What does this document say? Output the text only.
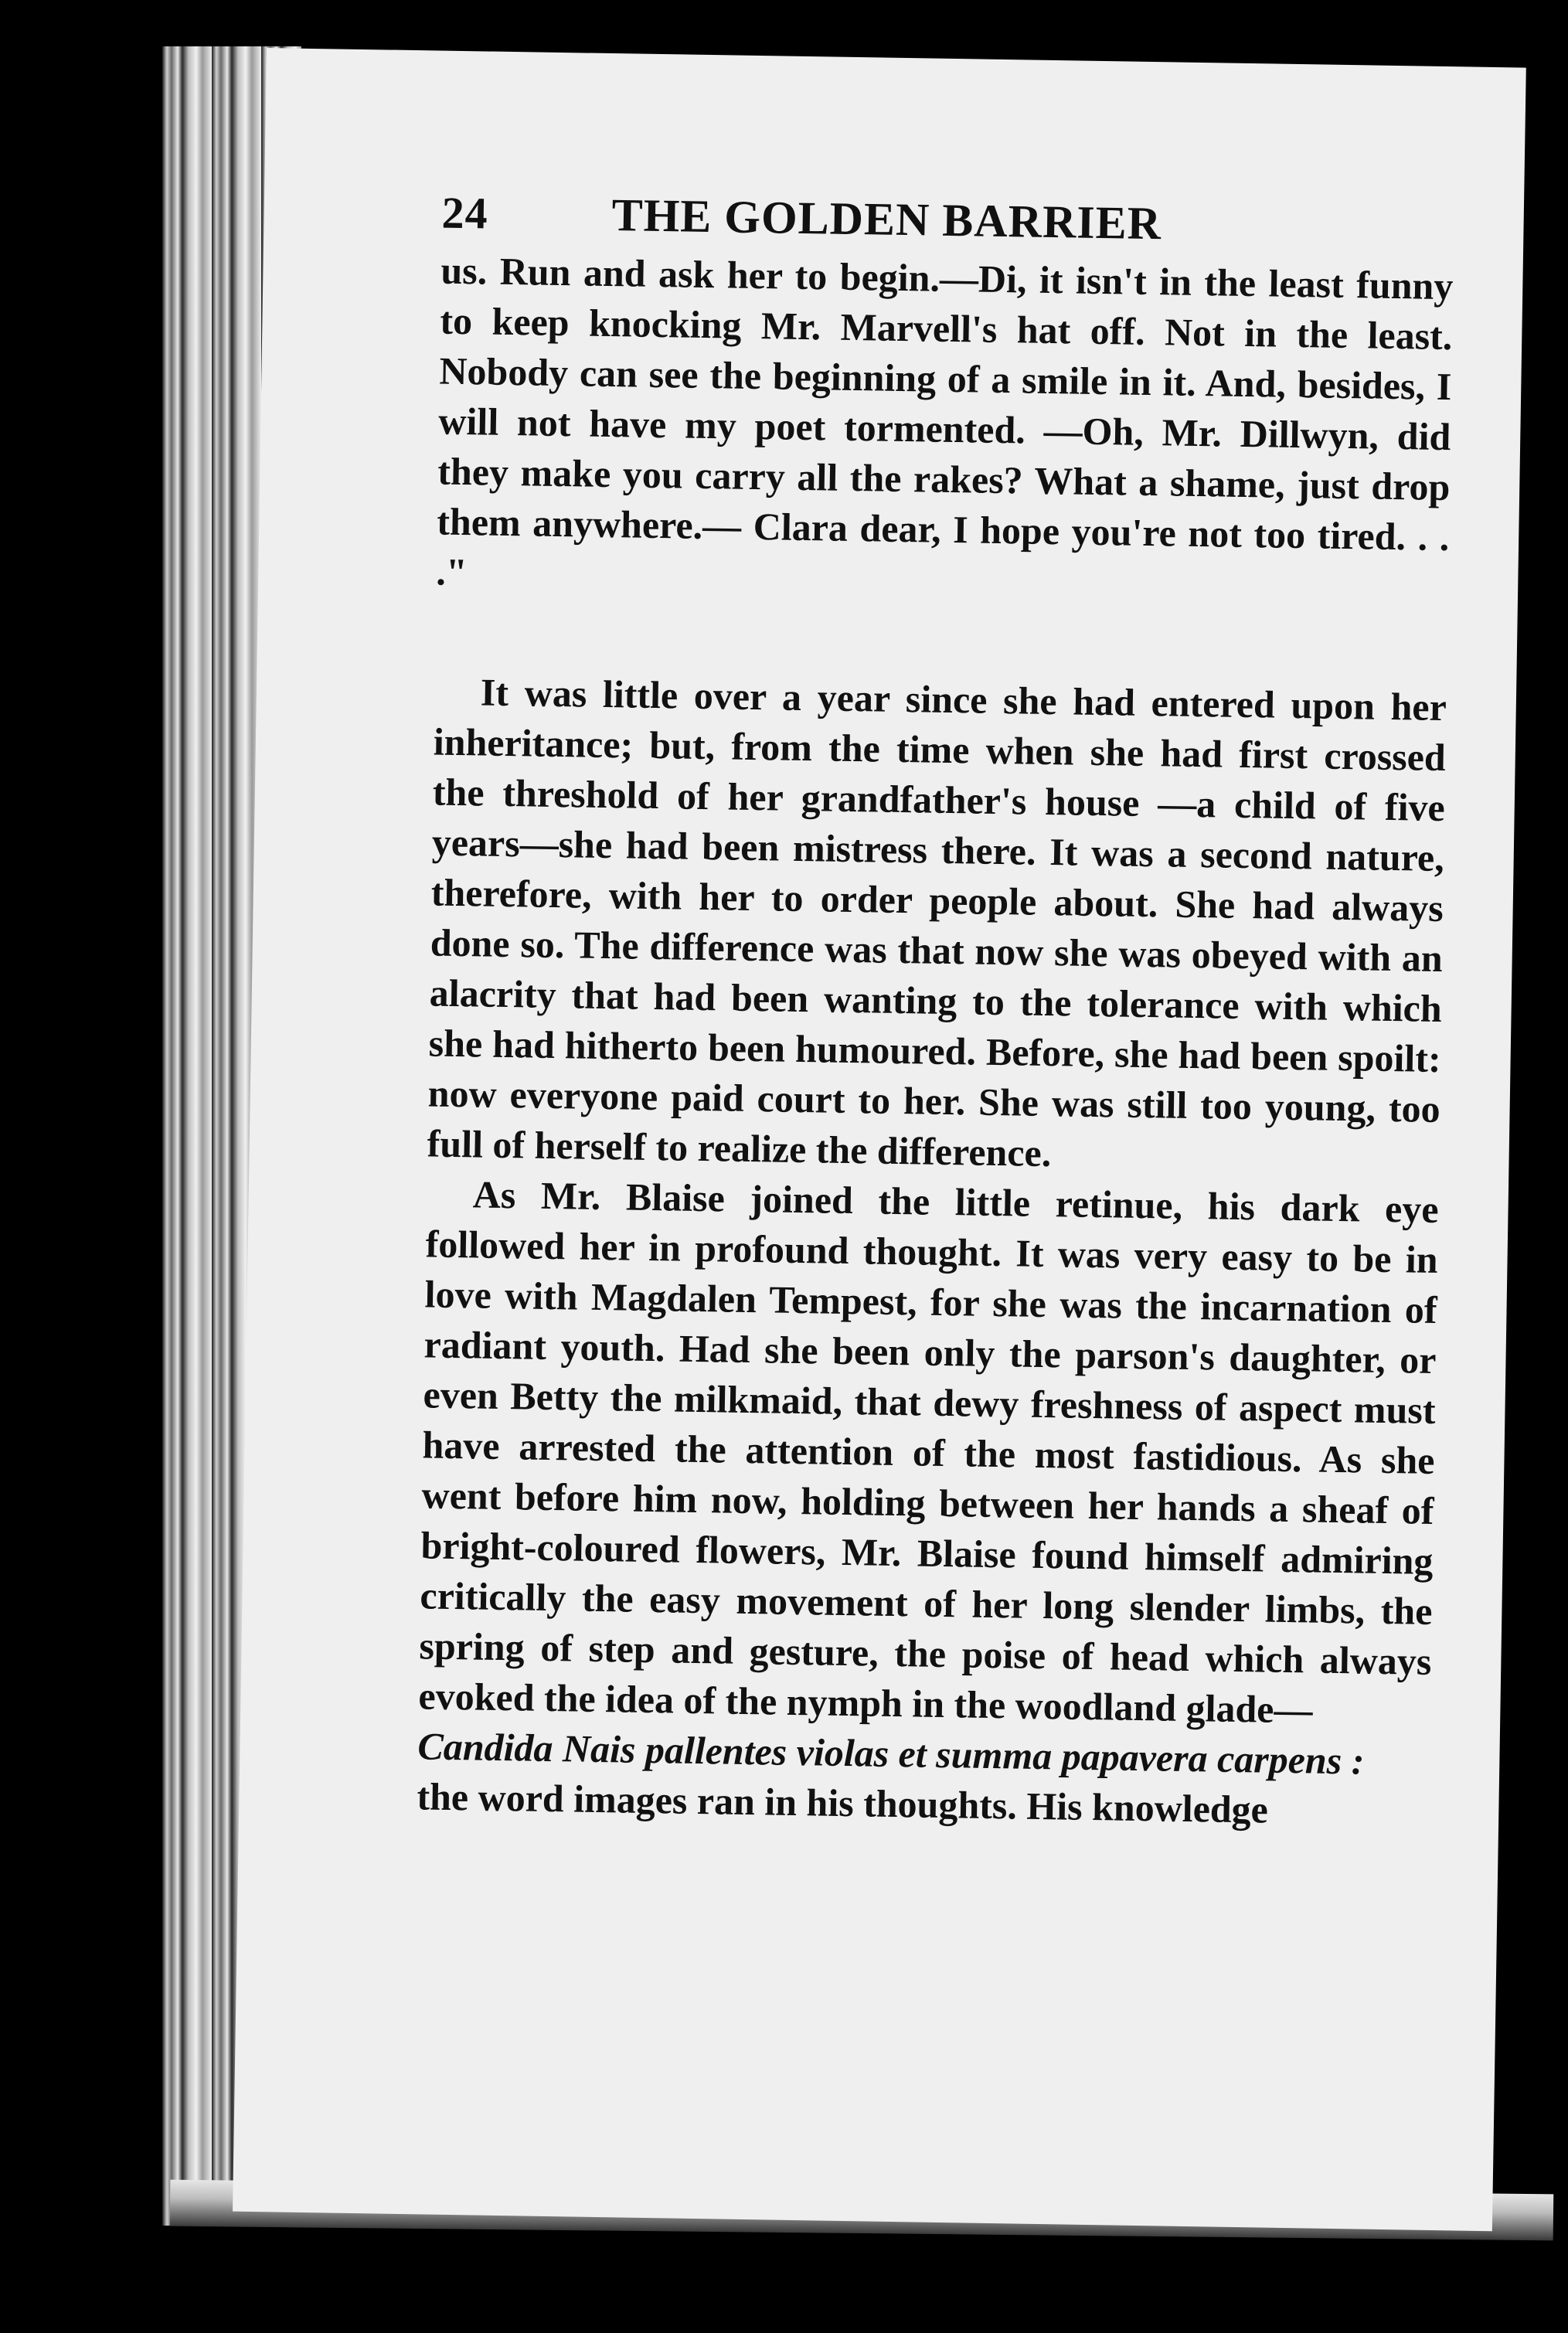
24	THE GOLDEN BARRIER

us. Run and ask her to begin.—Di, it isn't in the least funny to keep knocking Mr. Marvell's hat off. Not in the least. Nobody can see the beginning of a smile in it. And, besides, I will not have my poet tormented. —Oh, Mr. Dillwyn, did they make you carry all the rakes? What a shame, just drop them anywhere.— Clara dear, I hope you're not too tired. . . ."

It was little over a year since she had entered upon her inheritance; but, from the time when she had first crossed the threshold of her grandfather's house —a child of five years—she had been mistress there. It was a second nature, therefore, with her to order people about. She had always done so. The difference was that now she was obeyed with an alacrity that had been wanting to the tolerance with which she had hitherto been humoured. Before, she had been spoilt: now everyone paid court to her. She was still too young, too full of herself to realize the difference.

As Mr. Blaise joined the little retinue, his dark eye followed her in profound thought. It was very easy to be in love with Magdalen Tempest, for she was the incarnation of radiant youth. Had she been only the parson's daughter, or even Betty the milkmaid, that dewy freshness of aspect must have arrested the attention of the most fastidious. As she went before him now, holding between her hands a sheaf of bright-coloured flowers, Mr. Blaise found himself admiring critically the easy movement of her long slender limbs, the spring of step and gesture, the poise of head which always evoked the idea of the nymph in the woodland glade—

Candida Nais pallentes violas et summa papavera carpens :

the word images ran in his thoughts. His knowledge
